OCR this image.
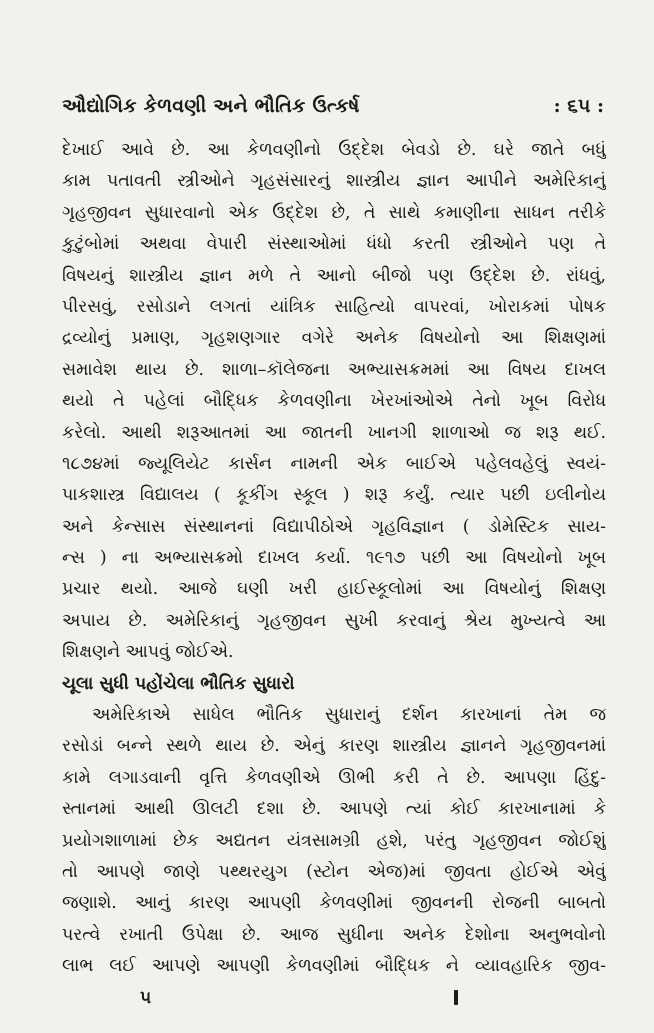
ઔદ્યોગિક કેળવણી અને ભૌતિક ઉત્કર્ષ	: ૬૫ :
દેખાઈ આવે છે. આ કેળવણીનો ઉદ્દેશ બેવડો છે. ઘરે જાતે બધું
કામ પતાવતી સ્ત્રીઓને ગૃહસંસારનું શાસ્ત્રીય જ્ઞાન આપીને અમેરિકાનું
ગૃહજીવન સુધારવાનો એક ઉદ્દેશ છે, તે સાથે કમાણીના સાધન તરીકે
કુટુંબોમાં અથવા વેપારી સંસ્થાઓમાં ધંધો કરતી સ્ત્રીઓને પણ તે
વિષયનું શાસ્ત્રીય જ્ઞાન મળે તે આનો બીજો પણ ઉદ્દેશ છે. રાંધવું,
પીરસવું, રસોડાને લગતાં યાંત્રિક સાહિત્યો વાપરવાં, ખોરાકમાં પોષક
દ્રવ્યોનું પ્રમાણ, ગૃહશણગાર વગેરે અનેક વિષયોનો આ શિક્ષણમાં
સમાવેશ થાય છે. શાળા–કૉલેજના અભ્યાસક્રમમાં આ વિષય દાખલ
થયો તે પહેલાં બૌદ્ધિક કેળવણીના ખેરખાંઓએ તેનો ખૂબ વિરોધ
કરેલો. આથી શરૂઆતમાં આ જાતની ખાનગી શાળાઓ જ શરૂ થઈ.
૧૮૭૪માં જ્યૂલિયેટ કાર્સન નામની એક બાઈએ પહેલવહેલું સ્વયં-
પાકશાસ્ત્ર વિદ્યાલય ( કૂકીંગ સ્કૂલ ) શરૂ કર્યું. ત્યાર પછી ઇલીનોય
અને કેન્સાસ સંસ્થાનનાં વિદ્યાપીઠોએ ગૃહવિજ્ઞાન ( ડોમેસ્ટિક સાય-
ન્સ ) ના અભ્યાસક્રમો દાખલ કર્યા. ૧૯૧૭ પછી આ વિષયોનો ખૂબ
પ્રચાર થયો. આજે ઘણી ખરી હાઈસ્કૂલોમાં આ વિષયોનું શિક્ષણ
અપાય છે. અમેરિકાનું ગૃહજીવન સુખી કરવાનું શ્રેય મુખ્યત્વે આ
શિક્ષણને આપવું જોઈએ.
ચૂલા સુધી પહોંચેલા ભૌતિક સુધારો
અમેરિકાએ સાધેલ ભૌતિક સુધારાનું દર્શન કારખાનાં તેમ જ
રસોડાં બન્ને સ્થળે થાય છે. એનું કારણ શાસ્ત્રીય જ્ઞાનને ગૃહજીવનમાં
કામે લગાડવાની વૃત્તિ કેળવણીએ ઊભી કરી તે છે. આપણા હિંદુ-
સ્તાનમાં આથી ઊલટી દશા છે. આપણે ત્યાં કોઈ કારખાનામાં કે
પ્રયોગશાળામાં છેક અદ્યતન યંત્રસામગ્રી હશે, પરંતુ ગૃહજીવન જોઈશું
તો આપણે જાણે પથ્થરયુગ (સ્ટોન એજ)માં જીવતા હોઈએ એવું
જણાશે. આનું કારણ આપણી કેળવણીમાં જીવનની રોજની બાબતો
પરત્વે રખાતી ઉપેક્ષા છે. આજ સુધીના અનેક દેશોના અનુભવોનો
લાભ લઈ આપણે આપણી કેળવણીમાં બૌદ્ધિક ને વ્યાવહારિક જીવ-
૫
